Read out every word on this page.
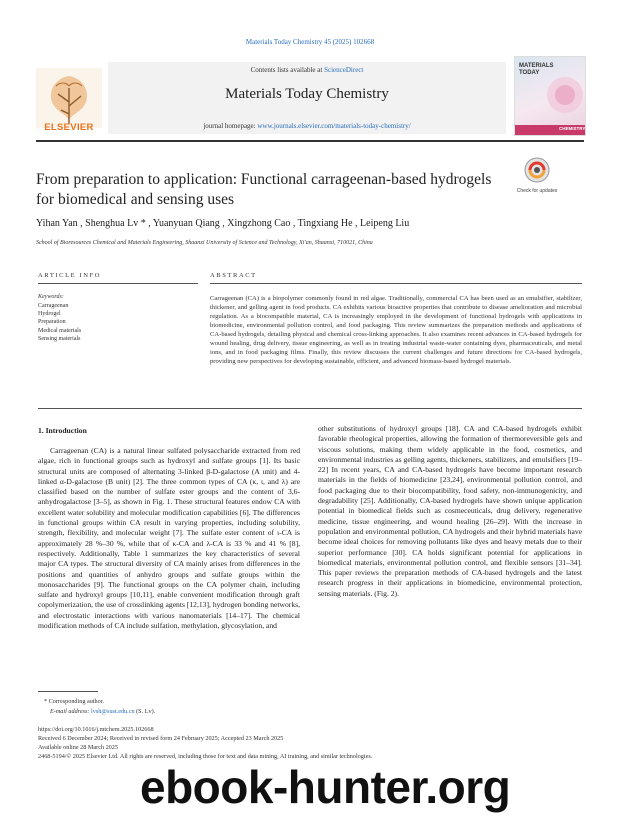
Materials Today Chemistry 45 (2025) 102668
ELSEVIER
Contents lists available at ScienceDirect
Materials Today Chemistry
journal homepage: www.journals.elsevier.com/materials-today-chemistry/
MATERIALS TODAY
CHEMISTRY
From preparation to application: Functional carrageenan-based hydrogels for biomedical and sensing uses	Check for updates
Yihan Yan , Shenghua Lv * , Yuanyuan Qiang , Xingzhong Cao , Tingxiang He , Leipeng Liu
School of Bioresources Chemical and Materials Engineering, Shaanxi University of Science and Technology, Xi'an, Shaanxi, 710021, China
ARTICLE INFO	ABSTRACT
Keywords:
Carrageenan
Hydrogel
Preparation
Medical materials
Sensing materials
Carrageenan (CA) is a biopolymer commonly found in red algae. Traditionally, commercial CA has been used as an emulsifier, stabilizer, thickener, and gelling agent in food products. CA exhibits various bioactive properties that contribute to disease amelioration and microbial regulation. As a biocompatible material, CA is increasingly employed in the development of functional hydrogels with applications in biomedicine, environmental pollution control, and food packaging. This review summarizes the preparation methods and applications of CA-based hydrogels, detailing physical and chemical cross-linking approaches. It also examines recent advances in CA-based hydrogels for wound healing, drug delivery, tissue engineering, as well as in treating industrial waste-water containing dyes, pharmaceuticals, and metal ions, and in food packaging films. Finally, this review discusses the current challenges and future directions for CA-based hydrogels, providing new perspectives for developing sustainable, efficient, and advanced biomass-based hydrogel materials.
1. Introduction

Carrageenan (CA) is a natural linear sulfated polysaccharide extracted from red algae, rich in functional groups such as hydroxyl and sulfate groups [1]. Its basic structural units are composed of alternating 3-linked β-D-galactose (A unit) and 4-linked α-D-galactose (B unit) [2]. The three common types of CA (κ, ι, and λ) are classified based on the number of sulfate ester groups and the content of 3,6-anhydrogalactose [3–5], as shown in Fig. 1. These structural features endow CA with excellent water solubility and molecular modification capabilities [6]. The differences in functional groups within CA result in varying properties, including solubility, strength, flexibility, and molecular weight [7]. The sulfate ester content of ι-CA is approximately 28 %–30 %, while that of κ-CA and λ-CA is 33 % and 41 % [8], respectively. Additionally, Table 1 summarizes the key characteristics of several major CA types. The structural diversity of CA mainly arises from differences in the positions and quantities of anhydro groups and sulfate groups within the monosaccharides [9]. The functional groups on the CA polymer chain, including sulfate and hydroxyl groups [10,11], enable convenient modification through graft copolymerization, the use of crosslinking agents [12,13], hydrogen bonding networks, and electrostatic interactions with various nanomaterials [14–17]. The chemical modification methods of CA include sulfation, methylation, glycosylation, and

other substitutions of hydroxyl groups [18]. CA and CA-based hydrogels exhibit favorable rheological properties, allowing the formation of thermoreversible gels and viscous solutions, making them widely applicable in the food, cosmetics, and environmental industries as gelling agents, thickeners, stabilizers, and emulsifiers [19–22] In recent years, CA and CA-based hydrogels have become important research materials in the fields of biomedicine [23,24], environmental pollution control, and food packaging due to their biocompatibility, food safety, non-immunogenicity, and degradability [25]. Additionally, CA-based hydrogels have shown unique application potential in biomedical fields such as cosmeceuticals, drug delivery, regenerative medicine, tissue engineering, and wound healing [26–29]. With the increase in population and environmental pollution, CA hydrogels and their hybrid materials have become ideal choices for removing pollutants like dyes and heavy metals due to their superior performance [30]. CA holds significant potential for applications in biomedical materials, environmental pollution control, and flexible sensors [31–34]. This paper reviews the preparation methods of CA-based hydrogels and the latest research progress in their applications in biomedicine, environmental protection, sensing materials. (Fig. 2).

* Corresponding author.
E-mail address: lvsh@sust.edu.cn (S. Lv).
https://doi.org/10.1016/j.mtchem.2025.102668
Received 6 December 2024; Received in revised form 24 February 2025; Accepted 23 March 2025
Available online 28 March 2025
2468-5194/© 2025 Elsevier Ltd. All rights are reserved, including those for text and data mining, AI training, and similar technologies.
ebook-hunter.org
